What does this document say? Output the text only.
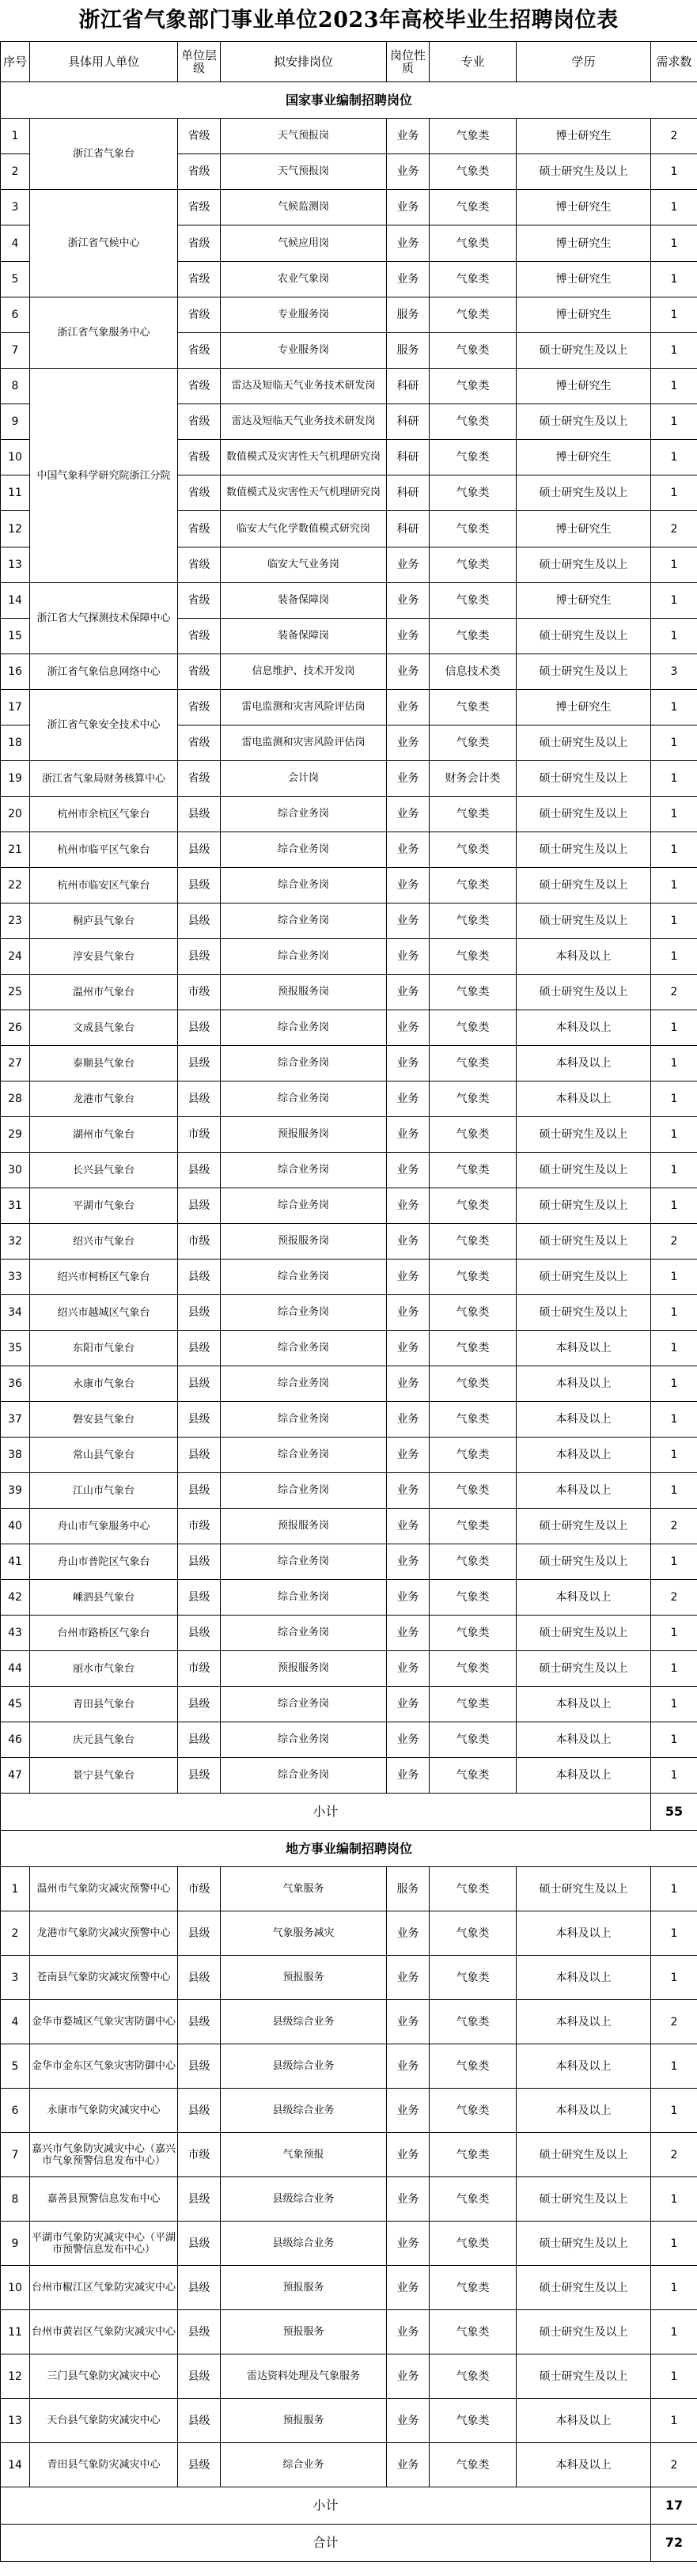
浙江省气象部门事业单位2023年高校毕业生招聘岗位表
序号	具体用人单位	单位层级	拟安排岗位	岗位性质	专业	学历	需求数
国家事业编制招聘岗位							
1	浙江省气象台	省级	天气预报岗	业务	气象类	博士研究生	2
2		省级	天气预报岗	业务	气象类	硕士研究生及以上	1
3	浙江省气候中心	省级	气候监测岗	业务	气象类	博士研究生	1
4		省级	气候应用岗	业务	气象类	博士研究生	1
5		省级	农业气象岗	业务	气象类	博士研究生	1
6	浙江省气象服务中心	省级	专业服务岗	服务	气象类	博士研究生	1
7		省级	专业服务岗	服务	气象类	硕士研究生及以上	1
8	中国气象科学研究院浙江分院	省级	雷达及短临天气业务技术研发岗	科研	气象类	博士研究生	1
9		省级	雷达及短临天气业务技术研发岗	科研	气象类	硕士研究生及以上	1
10		省级	数值模式及灾害性天气机理研究岗	科研	气象类	博士研究生	1
11		省级	数值模式及灾害性天气机理研究岗	科研	气象类	硕士研究生及以上	1
12		省级	临安大气化学数值模式研究岗	科研	气象类	博士研究生	2
13		省级	临安大气业务岗	业务	气象类	硕士研究生及以上	1
14	浙江省大气探测技术保障中心	省级	装备保障岗	业务	气象类	博士研究生	1
15		省级	装备保障岗	业务	气象类	硕士研究生及以上	1
16	浙江省气象信息网络中心	省级	信息维护、技术开发岗	业务	信息技术类	硕士研究生及以上	3
17	浙江省气象安全技术中心	省级	雷电监测和灾害风险评估岗	业务	气象类	博士研究生	1
18		省级	雷电监测和灾害风险评估岗	业务	气象类	硕士研究生及以上	1
19	浙江省气象局财务核算中心	省级	会计岗	业务	财务会计类	硕士研究生及以上	1
20	杭州市余杭区气象台	县级	综合业务岗	业务	气象类	硕士研究生及以上	1
21	杭州市临平区气象台	县级	综合业务岗	业务	气象类	硕士研究生及以上	1
22	杭州市临安区气象台	县级	综合业务岗	业务	气象类	硕士研究生及以上	1
23	桐庐县气象台	县级	综合业务岗	业务	气象类	硕士研究生及以上	1
24	淳安县气象台	县级	综合业务岗	业务	气象类	本科及以上	1
25	温州市气象台	市级	预报服务岗	业务	气象类	硕士研究生及以上	2
26	文成县气象台	县级	综合业务岗	业务	气象类	本科及以上	1
27	泰顺县气象台	县级	综合业务岗	业务	气象类	本科及以上	1
28	龙港市气象台	县级	综合业务岗	业务	气象类	本科及以上	1
29	湖州市气象台	市级	预报服务岗	业务	气象类	硕士研究生及以上	1
30	长兴县气象台	县级	综合业务岗	业务	气象类	硕士研究生及以上	1
31	平湖市气象台	县级	综合业务岗	业务	气象类	硕士研究生及以上	1
32	绍兴市气象台	市级	预报服务岗	业务	气象类	硕士研究生及以上	2
33	绍兴市柯桥区气象台	县级	综合业务岗	业务	气象类	硕士研究生及以上	1
34	绍兴市越城区气象台	县级	综合业务岗	业务	气象类	硕士研究生及以上	1
35	东阳市气象台	县级	综合业务岗	业务	气象类	本科及以上	1
36	永康市气象台	县级	综合业务岗	业务	气象类	本科及以上	1
37	磐安县气象台	县级	综合业务岗	业务	气象类	本科及以上	1
38	常山县气象台	县级	综合业务岗	业务	气象类	本科及以上	1
39	江山市气象台	县级	综合业务岗	业务	气象类	本科及以上	1
40	舟山市气象服务中心	市级	预报服务岗	业务	气象类	硕士研究生及以上	2
41	舟山市普陀区气象台	县级	综合业务岗	业务	气象类	硕士研究生及以上	1
42	嵊泗县气象台	县级	综合业务岗	业务	气象类	本科及以上	2
43	台州市路桥区气象台	县级	综合业务岗	业务	气象类	硕士研究生及以上	1
44	丽水市气象台	市级	预报服务岗	业务	气象类	硕士研究生及以上	1
45	青田县气象台	县级	综合业务岗	业务	气象类	本科及以上	1
46	庆元县气象台	县级	综合业务岗	业务	气象类	本科及以上	1
47	景宁县气象台	县级	综合业务岗	业务	气象类	本科及以上	1
小计							55
地方事业编制招聘岗位							
1	温州市气象防灾减灾预警中心	市级	气象服务	服务	气象类	硕士研究生及以上	1
2	龙港市气象防灾减灾预警中心	县级	气象服务减灾	业务	气象类	本科及以上	1
3	苍南县气象防灾减灾预警中心	县级	预报服务	业务	气象类	本科及以上	1
4	金华市婺城区气象灾害防御中心	县级	县级综合业务	业务	气象类	本科及以上	2
5	金华市金东区气象灾害防御中心	县级	县级综合业务	业务	气象类	本科及以上	1
6	永康市气象防灾减灾中心	县级	县级综合业务	业务	气象类	本科及以上	1
7	嘉兴市气象防灾减灾中心（嘉兴市气象预警信息发布中心）	市级	气象预报	业务	气象类	硕士研究生及以上	2
8	嘉善县预警信息发布中心	县级	县级综合业务	业务	气象类	硕士研究生及以上	1
9	平湖市气象防灾减灾中心（平湖市预警信息发布中心）	县级	县级综合业务	业务	气象类	硕士研究生及以上	1
10	台州市椒江区气象防灾减灾中心	县级	预报服务	业务	气象类	硕士研究生及以上	1
11	台州市黄岩区气象防灾减灾中心	县级	预报服务	业务	气象类	硕士研究生及以上	1
12	三门县气象防灾减灾中心	县级	雷达资料处理及气象服务	业务	气象类	硕士研究生及以上	1
13	天台县气象防灾减灾中心	县级	预报服务	业务	气象类	本科及以上	1
14	青田县气象防灾减灾中心	县级	综合业务	业务	气象类	本科及以上	2
小计							17
合计							72
